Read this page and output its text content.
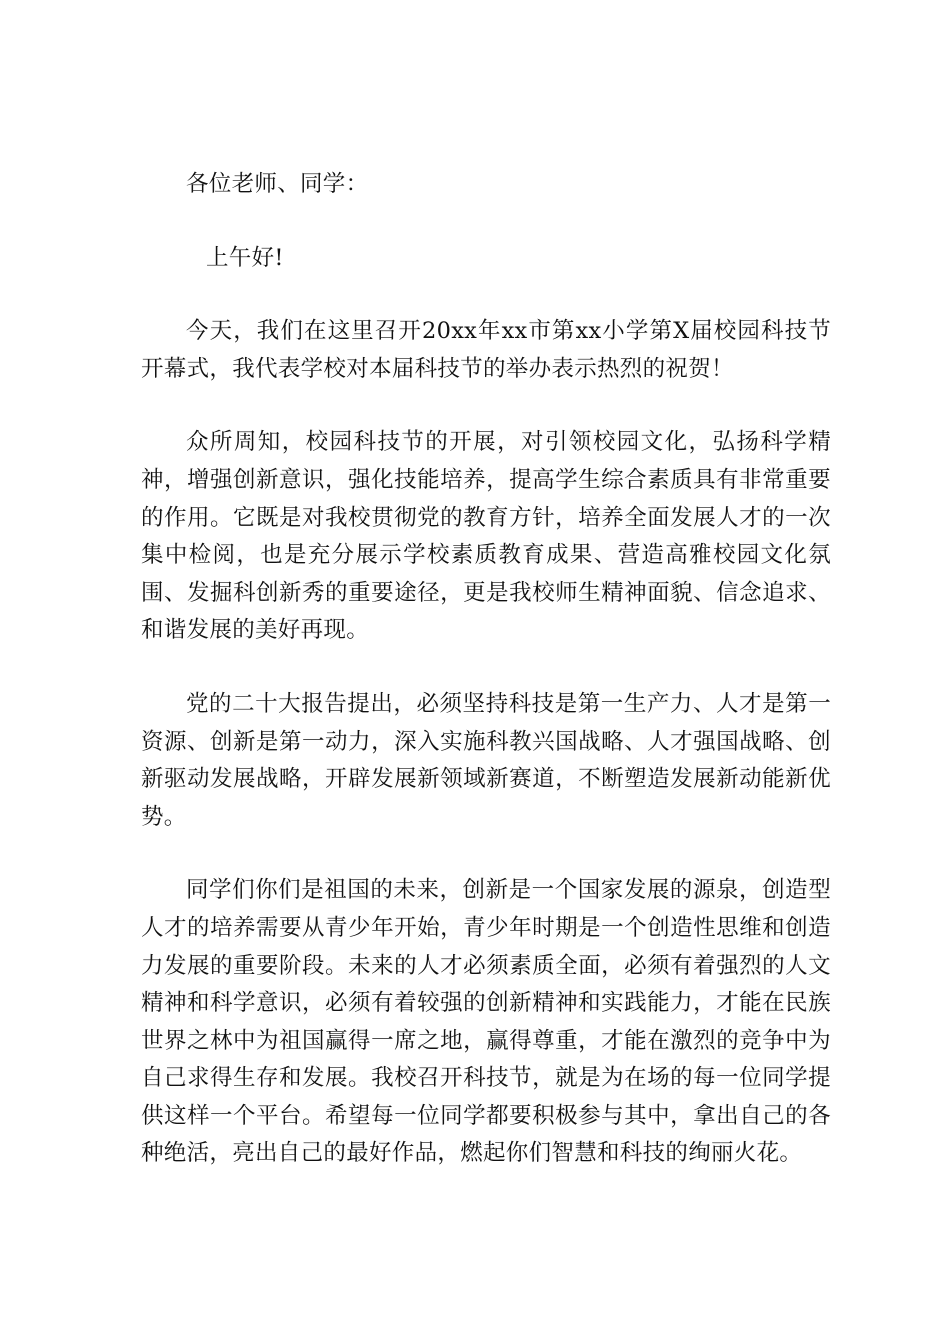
各位老师、同学：

上午好!

今天，我们在这里召开20xx年xx市第xx小学第X届校园科技节开幕式，我代表学校对本届科技节的举办表示热烈的祝贺！

众所周知，校园科技节的开展，对引领校园文化，弘扬科学精神，增强创新意识，强化技能培养，提高学生综合素质具有非常重要的作用。它既是对我校贯彻党的教育方针，培养全面发展人才的一次集中检阅，也是充分展示学校素质教育成果、营造高雅校园文化氛围、发掘科创新秀的重要途径，更是我校师生精神面貌、信念追求、和谐发展的美好再现。

党的二十大报告提出，必须坚持科技是第一生产力、人才是第一资源、创新是第一动力，深入实施科教兴国战略、人才强国战略、创新驱动发展战略，开辟发展新领域新赛道，不断塑造发展新动能新优势。

同学们你们是祖国的未来，创新是一个国家发展的源泉，创造型人才的培养需要从青少年开始，青少年时期是一个创造性思维和创造力发展的重要阶段。未来的人才必须素质全面，必须有着强烈的人文精神和科学意识，必须有着较强的创新精神和实践能力，才能在民族世界之林中为祖国赢得一席之地，赢得尊重，才能在激烈的竞争中为自己求得生存和发展。我校召开科技节，就是为在场的每一位同学提供这样一个平台。希望每一位同学都要积极参与其中，拿出自己的各种绝活，亮出自己的最好作品，燃起你们智慧和科技的绚丽火花。
